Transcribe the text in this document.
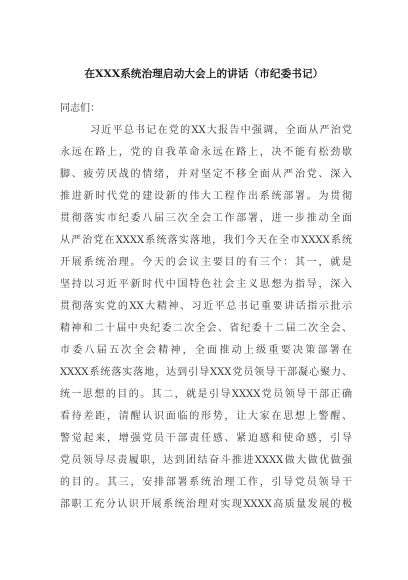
在XXX系统治理启动大会上的讲话（市纪委书记）
同志们：
习近平总书记在党的XX大报告中强调，全面从严治党
永远在路上，党的自我革命永远在路上，决不能有松劲歇
脚、疲劳厌战的情绪，并对坚定不移全面从严治党、深入
推进新时代党的建设新的伟大工程作出系统部署。为贯彻
贯彻落实市纪委八届三次全会工作部署，进一步推动全面
从严治党在XXXX系统落实落地，我们今天在全市XXXX系统
开展系统治理。今天的会议主要目的有三个：其一，就是
坚持以习近平新时代中国特色社会主义思想为指导，深入
贯彻落实党的XX大精神、习近平总书记重要讲话指示批示
精神和二十届中央纪委二次全会、省纪委十二届二次全会、
市委八届五次全会精神，全面推动上级重要决策部署在
XXXX系统落实落地，达到引导XXX党员领导干部凝心聚力、
统一思想的目的。其二，就是引导XXXX党员领导干部正确
看待差距，清醒认识面临的形势，让大家在思想上警醒、
警觉起来，增强党员干部责任感、紧迫感和使命感，引导
党员领导尽责履职，达到团结奋斗推进XXXX做大做优做强
的目的。其三，安排部署系统治理工作，引导党员领导干
部职工充分认识开展系统治理对实现XXXX高质量发展的极
